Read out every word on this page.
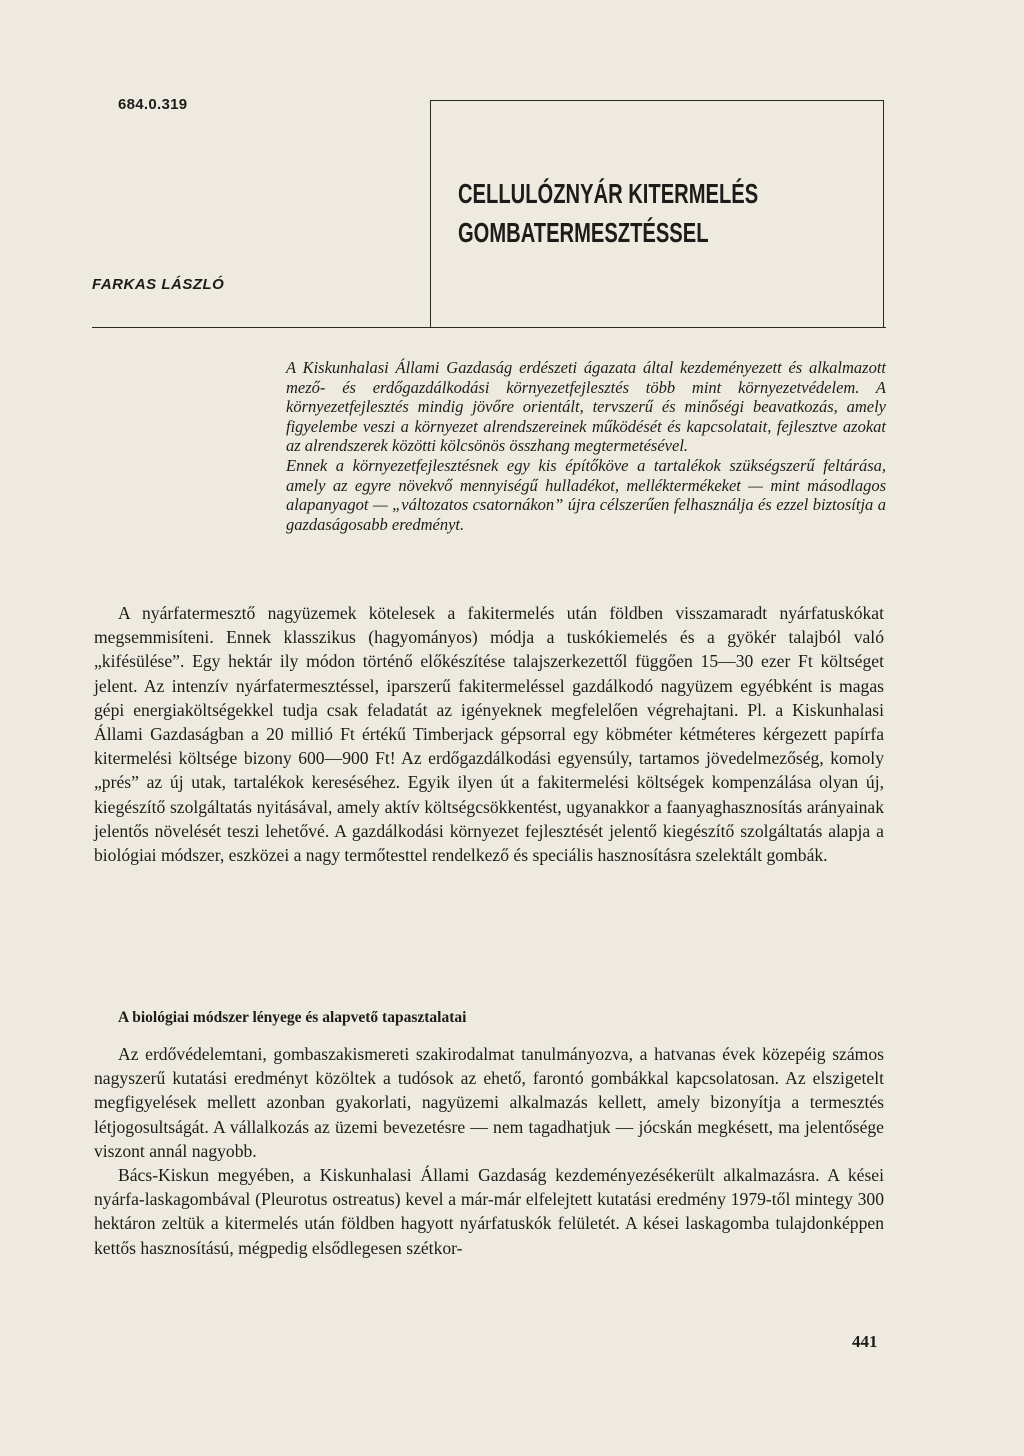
684.0.319
CELLULÓZNYÁR KITERMELÉS
GOMBATERMESZTÉSSEL
FARKAS LÁSZLÓ

A Kiskunhalasi Állami Gazdaság erdészeti ágazata által kezdeményezett és alkalmazott mező- és erdőgazdálkodási környezetfejlesztés több mint környezetvédelem. A környezetfejlesztés mindig jövőre orientált, tervszerű és minőségi beavatkozás, amely figyelembe veszi a környezet alrendszereinek működését és kapcsolatait, fejlesztve azokat az alrendszerek közötti kölcsönös összhang megtermetésével.

Ennek a környezetfejlesztésnek egy kis építőköve a tartalékok szükségszerű feltárása, amely az egyre növekvő mennyiségű hulladékot, melléktermékeket — mint másodlagos alapanyagot — „változatos csatornákon” újra célszerűen felhasználja és ezzel biztosítja a gazdaságosabb eredményt.

A nyárfatermesztő nagyüzemek kötelesek a fakitermelés után földben visszamaradt nyárfatuskókat megsemmisíteni. Ennek klasszikus (hagyományos) módja a tuskókiemelés és a gyökér talajból való „kifésülése”. Egy hektár ily módon történő előkészítése talajszerkezettől függően 15—30 ezer Ft költséget jelent. Az intenzív nyárfatermesztéssel, iparszerű fakitermeléssel gazdálkodó nagyüzem egyébként is magas gépi energiaköltségekkel tudja csak feladatát az igényeknek megfelelően végrehajtani. Pl. a Kiskunhalasi Állami Gazdaságban a 20 millió Ft értékű Timberjack gépsorral egy köbméter kétméteres kérgezett papírfa kitermelési költsége bizony 600—900 Ft! Az erdőgazdálkodási egyensúly, tartamos jövedelmezőség, komoly „prés” az új utak, tartalékok kereséséhez. Egyik ilyen út a fakitermelési költségek kompenzálása olyan új, kiegészítő szolgáltatás nyitásával, amely aktív költségcsökkentést, ugyanakkor a faanyaghasznosítás arányainak jelentős növelését teszi lehetővé. A gazdálkodási környezet fejlesztését jelentő kiegészítő szolgáltatás alapja a biológiai módszer, eszközei a nagy termőtesttel rendelkező és speciális hasznosításra szelektált gombák.

A biológiai módszer lényege és alapvető tapasztalatai

Az erdővédelemtani, gombaszakismereti szakirodalmat tanulmányozva, a hatvanas évek közepéig számos nagyszerű kutatási eredményt közöltek a tudósok az ehető, farontó gombákkal kapcsolatosan. Az elszigetelt megfigyelések mellett azonban gyakorlati, nagyüzemi alkalmazás kellett, amely bizonyítja a termesztés létjogosultságát. A vállalkozás az üzemi bevezetésre — nem tagadhatjuk — jócskán megkésett, ma jelentősége viszont annál nagyobb.

Bács-Kiskun megyében, a Kiskunhalasi Állami Gazdaság kezdeményezésékerült alkalmazásra. A kései nyárfa-laskagombával (Pleurotus ostreatus) kevel a már-már elfelejtett kutatási eredmény 1979-től mintegy 300 hektáron zeltük a kitermelés után földben hagyott nyárfatuskók felületét. A kései laskagomba tulajdonképpen kettős hasznosítású, mégpedig elsődlegesen szétkor-

441
